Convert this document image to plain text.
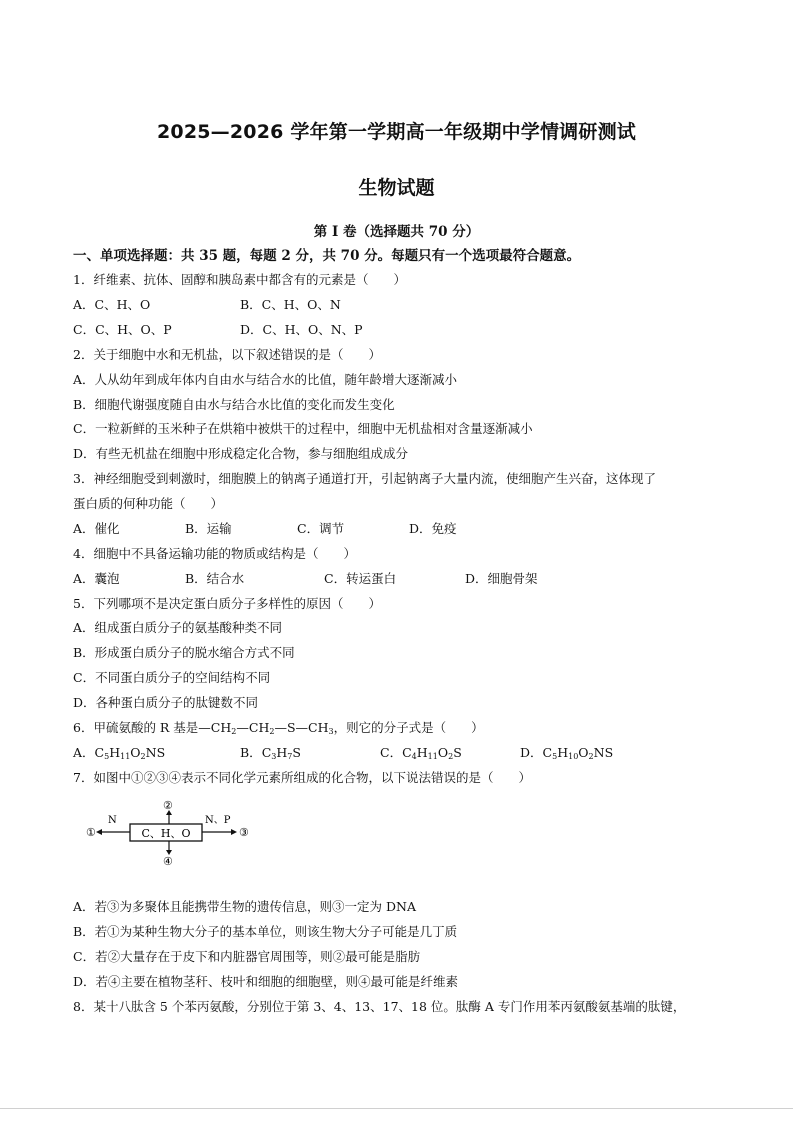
2025—2026 学年第一学期高一年级期中学情调研测试
生物试题
第 I 卷（选择题共 70 分）
一、单项选择题：共 35 题，每题 2 分，共 70 分。每题只有一个选项最符合题意。
1．纤维素、抗体、固醇和胰岛素中都含有的元素是（　　）
A．C、H、O	B．C、H、O、N
C．C、H、O、P	D．C、H、O、N、P
2．关于细胞中水和无机盐，以下叙述错误的是（　　）
A．人从幼年到成年体内自由水与结合水的比值，随年龄增大逐渐减小
B．细胞代谢强度随自由水与结合水比值的变化而发生变化
C．一粒新鲜的玉米种子在烘箱中被烘干的过程中，细胞中无机盐相对含量逐渐减小
D．有些无机盐在细胞中形成稳定化合物，参与细胞组成成分
3．神经细胞受到刺激时，细胞膜上的钠离子通道打开，引起钠离子大量内流，使细胞产生兴奋，这体现了
蛋白质的何种功能（　　）
A．催化	B．运输	C．调节	D．免疫
4．细胞中不具备运输功能的物质或结构是（　　）
A．囊泡	B．结合水	C．转运蛋白	D．细胞骨架
5．下列哪项不是决定蛋白质分子多样性的原因（　　）
A．组成蛋白质分子的氨基酸种类不同
B．形成蛋白质分子的脱水缩合方式不同
C．不同蛋白质分子的空间结构不同
D．各种蛋白质分子的肽键数不同
6．甲硫氨酸的 R 基是$—CH_2—CH_2—S—CH_3$，则它的分子式是（　　）
A．$C_5H_{11}O_2NS$	B．$C_3H_7S$	C．$C_4H_{11}O_2S$	D．$C_5H_{10}O_2NS$
7．如图中①②③④表示不同化学元素所组成的化合物，以下说法错误的是（　　）
C、H、O
①
N
③
N、P
②
④
A．若③为多聚体且能携带生物的遗传信息，则③一定为 DNA
B．若①为某种生物大分子的基本单位，则该生物大分子可能是几丁质
C．若②大量存在于皮下和内脏器官周围等，则②最可能是脂肪
D．若④主要在植物茎秆、枝叶和细胞的细胞壁，则④最可能是纤维素
8．某十八肽含 5 个苯丙氨酸，分别位于第 3、4、13、17、18 位。肽酶 A 专门作用苯丙氨酸氨基端的肽键，
